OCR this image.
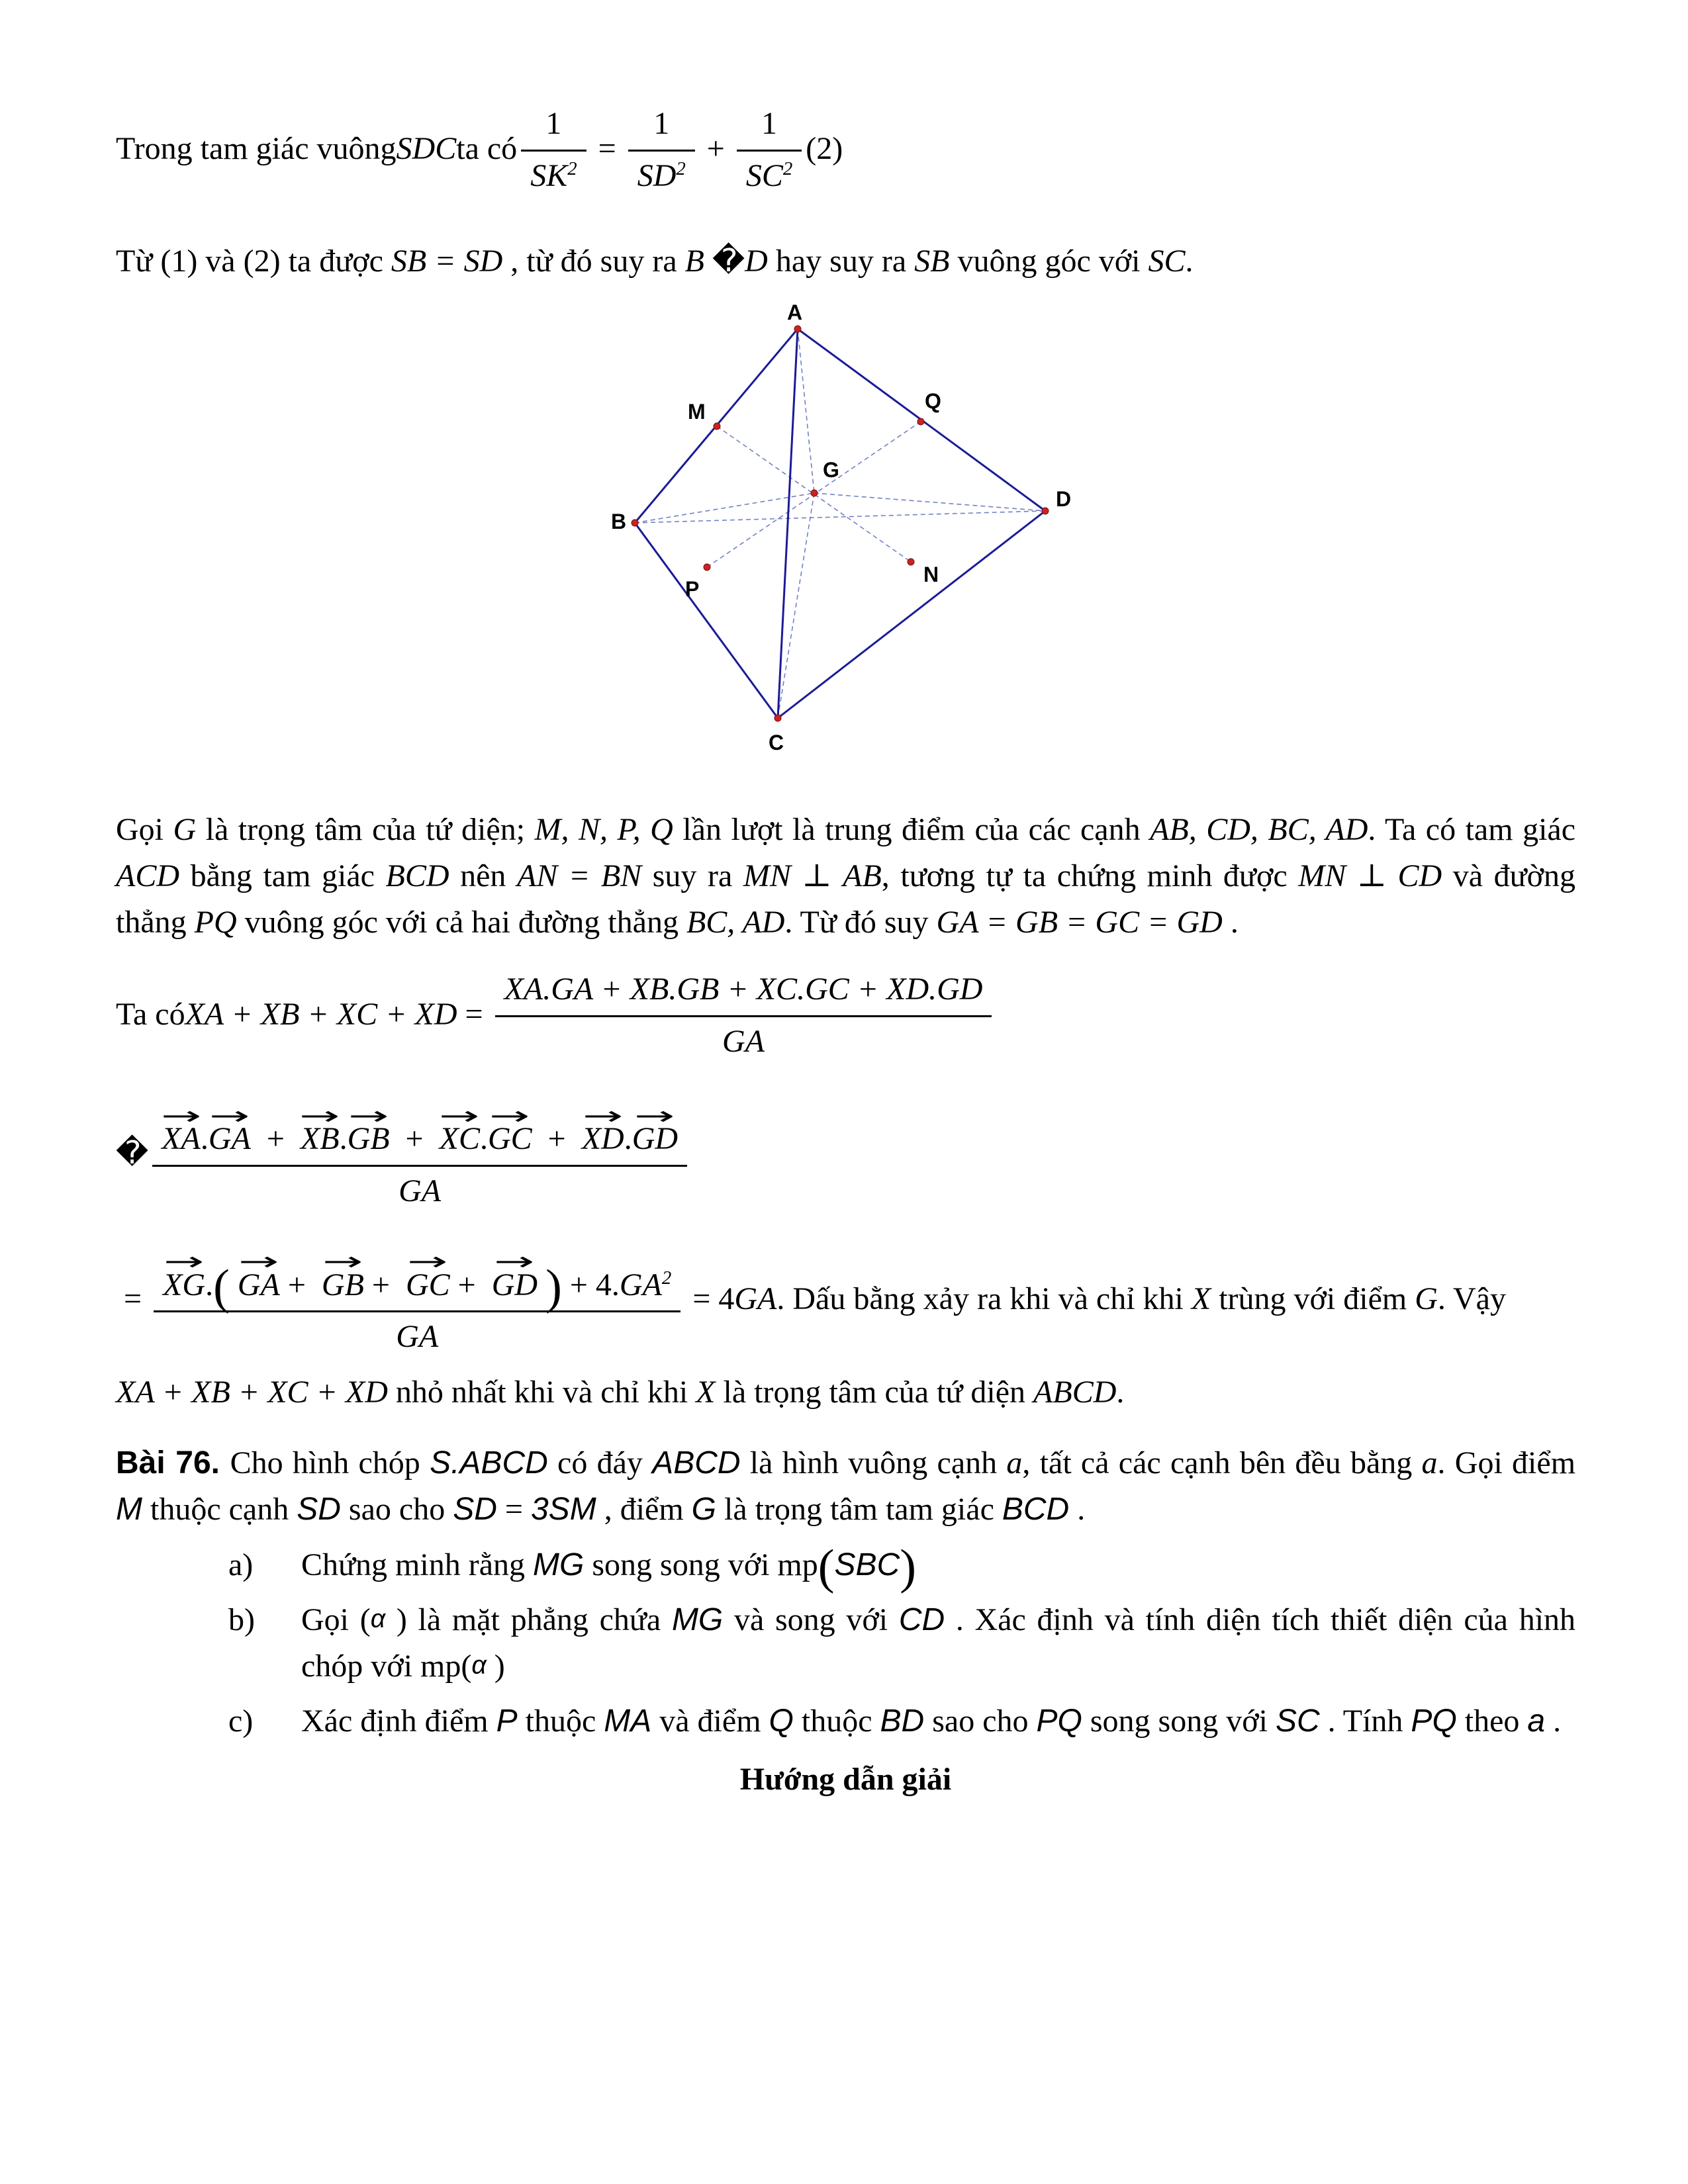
Trong tam giác vuông SDC ta có $\frac{1}{SK^2} = \frac{1}{SD^2} + \frac{1}{SC^2} (2)$

Từ (1) và (2) ta được SB = SD , từ đó suy ra B �D hay suy ra SB vuông góc với SC.

A
M	Q
G
B
D
P
N
C

Gọi G là trọng tâm của tứ diện; M, N, P, Q lần lượt là trung điểm của các cạnh AB, CD, BC, AD. Ta có tam giác ACD bằng tam giác BCD nên AN = BN suy ra MN ⊥ AB, tương tự ta chứng minh được MN ⊥ CD và đường thẳng PQ vuông góc với cả hai đường thẳng BC, AD. Từ đó suy GA = GB = GC = GD .

Ta có XA + XB + XC + XD = $\frac{XA.GA + XB.GB + XC.GC + XD.GD}{GA}$

� XA →.GA → + XB →.GB → + XC →.GC → + XD →.GD →
GA

= XG →.( GA → + GB → + GC → + GD → ) + $4.GA^2$
GA
= 4 GA . Dấu bằng xảy ra khi và chỉ khi X trùng với điểm G. Vậy

XA + XB + XC + XD nhỏ nhất khi và chỉ khi X là trọng tâm của tứ diện ABCD.

Bài 76. Cho hình chóp S.ABCD có đáy ABCD là hình vuông cạnh a, tất cả các cạnh bên đều bằng a. Gọi điểm M thuộc cạnh SD sao cho SD = 3SM , điểm G là trọng tâm tam giác BCD .

a)	Chứng minh rằng MG song song với mp(SBC)
b)	Gọi (α ) là mặt phẳng chứa MG và song với CD . Xác định và tính diện tích thiết diện của hình chóp với mp(α )
c)	Xác định điểm P thuộc MA và điểm Q thuộc BD sao cho PQ song song với SC . Tính PQ theo a .
Hướng dẫn giải
